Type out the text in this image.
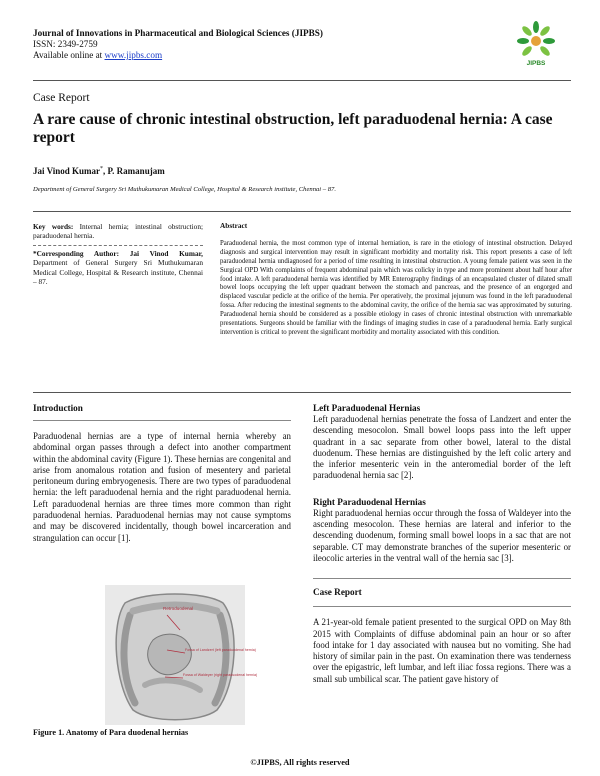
Journal of Innovations in Pharmaceutical and Biological Sciences (JIPBS)
ISSN: 2349-2759
Available online at www.jipbs.com
JIPBS
Case Report
A rare cause of chronic intestinal obstruction, left paraduodenal hernia: A case report
Jai Vinod Kumar*, P. Ramanujam
Department of General Surgery Sri Muthukumaran Medical College, Hospital & Research institute, Chennai – 87.
Key words: Internal hernia; intestinal obstruction; paraduodenal hernia.
*Corresponding Author: Jai Vinod Kumar, Department of General Surgery Sri Muthukumaran Medical College, Hospital & Research institute, Chennai – 87.
Abstract
Paraduodenal hernia, the most common type of internal herniation, is rare in the etiology of intestinal obstruction. Delayed diagnosis and surgical intervention may result in significant morbidity and mortality risk. This report presents a case of left paraduodenal hernia undiagnosed for a period of time resulting in intestinal obstruction. A young female patient was seen in the Surgical OPD With complaints of frequent abdominal pain which was colicky in type and more prominent about half hour after food intake. A left paraduodenal hernia was identified by MR Enterography findings of an encapsulated cluster of dilated small bowel loops occupying the left upper quadrant between the stomach and pancreas, and the presence of an engorged and displaced vascular pedicle at the orifice of the hernia. Per operatively, the proximal jejunum was found in the left paraduodenal fossa. After reducing the intestinal segments to the abdominal cavity, the orifice of the hernia sac was approximated by suturing. Paraduodenal hernia should be considered as a possible etiology in cases of chronic intestinal obstruction with unremarkable presentations. Surgeons should be familiar with the findings of imaging studies in case of a paraduodenal hernia. Early surgical intervention is critical to prevent the significant morbidity and mortality associated with this condition.
Introduction
Paraduodenal hernias are a type of internal hernia whereby an abdominal organ passes through a defect into another compartment within the abdominal cavity (Figure 1). These hernias are congenital and arise from anomalous rotation and fusion of mesentery and parietal peritoneum during embryogenesis. There are two types of paraduodenal hernia: the left paraduodenal hernia and the right paraduodenal hernia. Left paraduodenal hernias are three times more common than right paraduodenal hernias. Paraduodenal hernias may not cause symptoms and may be discovered incidentally, though bowel incarceration and strangulation can occur [1].
Retroduodenal
Fossa of Landzert (left paraduodenal hernia)
Fossa of Waldeyer (right paraduodenal hernia)
Figure 1. Anatomy of Para duodenal hernias
Left Paraduodenal Hernias
Left paraduodenal hernias penetrate the fossa of Landzert and enter the descending mesocolon. Small bowel loops pass into the left upper quadrant in a sac separate from other bowel, lateral to the distal duodenum. These hernias are distinguished by the left colic artery and the inferior mesenteric vein in the anteromedial border of the left paraduodenal hernia sac [2].
Right Paraduodenal Hernias
Right paraduodenal hernias occur through the fossa of Waldeyer into the ascending mesocolon. These hernias are lateral and inferior to the descending duodenum, forming small bowel loops in a sac that are not separable. CT may demonstrate branches of the superior mesenteric or ileocolic arteries in the ventral wall of the hernia sac [3].
Case Report
A 21-year-old female patient presented to the surgical OPD on May 8th 2015 with Complaints of diffuse abdominal pain an hour or so after food intake for 1 day associated with nausea but no vomiting. She had history of similar pain in the past. On examination there was tenderness over the epigastric, left lumbar, and left iliac fossa regions. There was a small sub umbilical scar. The patient gave history of
©JIPBS, All rights reserved
